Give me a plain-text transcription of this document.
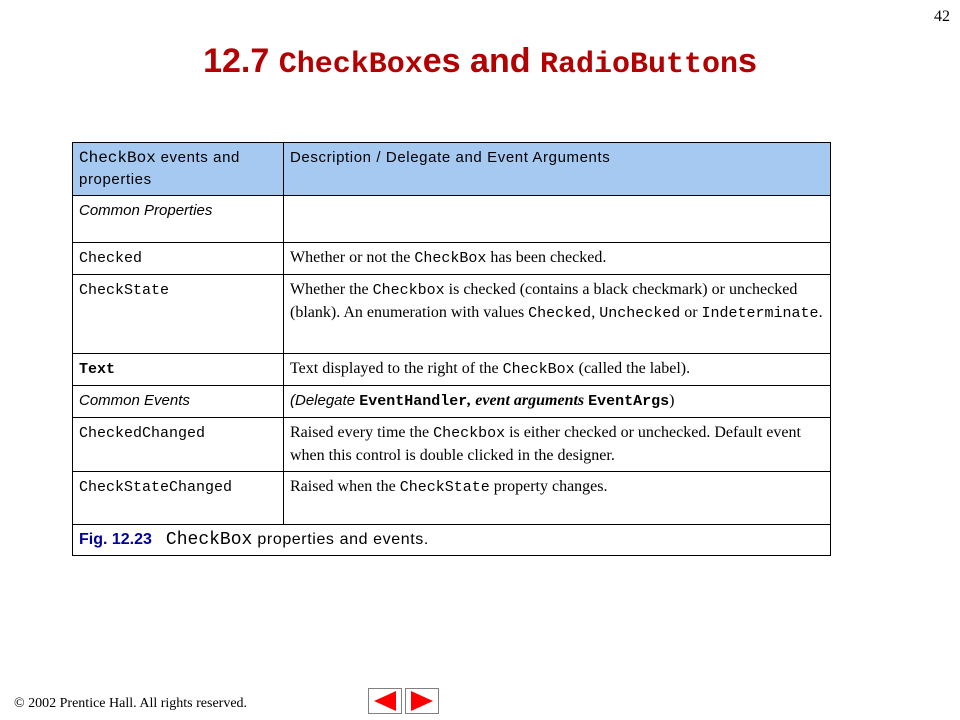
42
12.7 CheckBoxes and RadioButtons
CheckBox events and properties	Description / Delegate and Event Arguments
Common Properties	
Checked	Whether or not the CheckBox has been checked.
CheckState	Whether the Checkbox is checked (contains a black checkmark) or unchecked (blank). An enumeration with values Checked, Unchecked or Indeterminate.
Text	Text displayed to the right of the CheckBox (called the label).
Common Events	(Delegate EventHandler, event arguments EventArgs)
CheckedChanged	Raised every time the Checkbox is either checked or unchecked. Default event when this control is double clicked in the designer.
CheckStateChanged	Raised when the CheckState property changes.
Fig. 12.23 CheckBox properties and events.	
© 2002 Prentice Hall. All rights reserved.
